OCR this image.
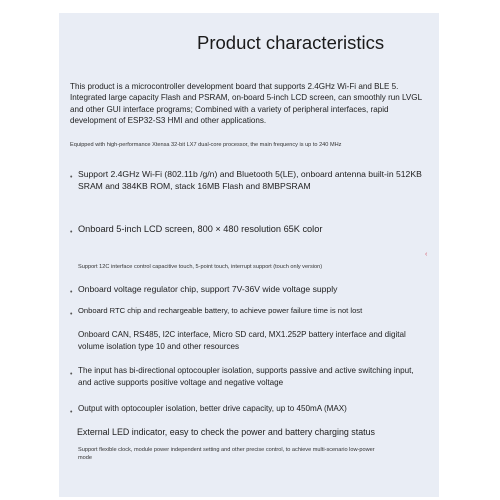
Product characteristics
This product is a microcontroller development board that supports 2.4GHz Wi-Fi and BLE 5. Integrated large capacity Flash and PSRAM, on-board 5-inch LCD screen, can smoothly run LVGL and other GUI interface programs; Combined with a variety of peripheral interfaces, rapid development of ESP32-S3 HMI and other applications.
Equipped with high-performance Xtensa 32-bit LX7 dual-core processor, the main frequency is up to 240 MHz
• Support 2.4GHz Wi-Fi (802.11b /g/n) and Bluetooth 5(LE), onboard antenna built-in 512KB SRAM and 384KB ROM, stack 16MB Flash and 8MBPSRAM
• Onboard 5-inch LCD screen, 800 × 480 resolution 65K color
Support 12C interface control capacitive touch, 5-point touch, interrupt support (touch only version)
• Onboard voltage regulator chip, support 7V-36V wide voltage supply
• Onboard RTC chip and rechargeable battery, to achieve power failure time is not lost
Onboard CAN, RS485, I2C interface, Micro SD card, MX1.252P battery interface and digital volume isolation type 10 and other resources
• The input has bi-directional optocoupler isolation, supports passive and active switching input, and active supports positive voltage and negative voltage
• Output with optocoupler isolation, better drive capacity, up to 450mA (MAX)
External LED indicator, easy to check the power and battery charging status
Support flexible clock, module power independent setting and other precise control, to achieve multi-scenario low-power mode
‹
